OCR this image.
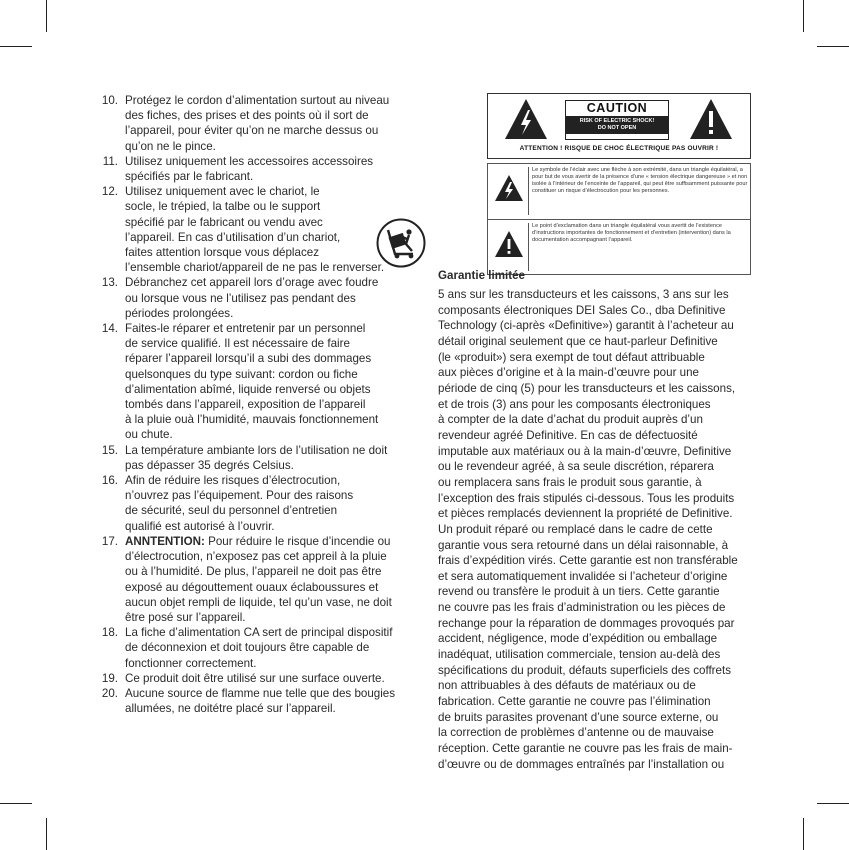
10. Protégez le cordon d’alimentation surtout au niveau
des fiches, des prises et des points où il sort de
l’appareil, pour éviter qu’on ne marche dessus ou
qu’on ne le pince.
11. Utilisez uniquement les accessoires accessoires
spécifiés par le fabricant.
12. Utilisez uniquement avec le chariot, le
socle, le trépied, la talbe ou le support
spécifié par le fabricant ou vendu avec
l’appareil. En cas d’utilisation d’un chariot,
faites attention lorsque vous déplacez
l’ensemble chariot/appareil de ne pas le renverser.
13. Débranchez cet appareil lors d’orage avec foudre
ou lorsque vous ne l’utilisez pas pendant des
périodes prolongées.
14. Faites-le réparer et entretenir par un personnel
de service qualifié. Il est nécessaire de faire
réparer l’appareil lorsqu’il a subi des dommages
quelsonques du type suivant: cordon ou fiche
d’alimentation abîmé, liquide renversé ou objets
tombés dans l’appareil, exposition de l’appareil
à la pluie ouà l’humidité, mauvais fonctionnement
ou chute.
15. La température ambiante lors de l’utilisation ne doit
pas dépasser 35 degrés Celsius.
16. Afin de réduire les risques d’électrocution,
n’ouvrez pas l’équipement. Pour des raisons
de sécurité, seul du personnel d’entretien
qualifié est autorisé à l’ouvrir.
17. ANNTENTION: Pour réduire le risque d’incendie ou
d’électrocution, n’exposez pas cet appreil à la pluie
ou à l’humidité. De plus, l’appareil ne doit pas être
exposé au dégouttement ouaux éclaboussures et
aucun objet rempli de liquide, tel qu’un vase, ne doit
être posé sur l’appareil.
18. La fiche d’alimentation CA sert de principal dispositif
de déconnexion et doit toujours être capable de
fonctionner correctement.
19. Ce produit doit être utilisé sur une surface ouverte.
20. Aucune source de flamme nue telle que des bougies
allumées, ne doitétre placé sur l’appareil.
CAUTION
RISK OF ELECTRIC SHOCK!
DO NOT OPEN
ATTENTION ! RISQUE DE CHOC ÉLECTRIQUE PAS OUVRIR !
Le symbole de l’éclair avec une flèche à son extrémité, dans un triangle équilatéral, a pour but de vous avertir de la présence d’une « tension électrique dangereuse » et non isolée à l’intérieur de l’enceinte de l’appareil, qui peut être suffisamment puissante pour constituer un risque d’électrocution pour les personnes.
Le point d’exclamation dans un triangle équilatéral vous avertit de l’existence d’instructions importantes de fonctionnement et d’entretien (intervention) dans la documentation accompagnant l’appareil.
Garantie limitée
5 ans sur les transducteurs et les caissons, 3 ans sur les
composants électroniques DEI Sales Co., dba Definitive
Technology (ci-après «Definitive») garantit à l’acheteur au
détail original seulement que ce haut-parleur Definitive
(le «produit») sera exempt de tout défaut attribuable
aux pièces d’origine et à la main-d’œuvre pour une
période de cinq (5) pour les transducteurs et les caissons,
et de trois (3) ans pour les composants électroniques
à compter de la date d’achat du produit auprès d’un
revendeur agréé Definitive. En cas de défectuosité
imputable aux matériaux ou à la main-d’œuvre, Definitive
ou le revendeur agréé, à sa seule discrétion, réparera
ou remplacera sans frais le produit sous garantie, à
l’exception des frais stipulés ci-dessous. Tous les produits
et pièces remplacés deviennent la propriété de Definitive.
Un produit réparé ou remplacé dans le cadre de cette
garantie vous sera retourné dans un délai raisonnable, à
frais d’expédition virés. Cette garantie est non transférable
et sera automatiquement invalidée si l’acheteur d’origine
revend ou transfère le produit à un tiers. Cette garantie
ne couvre pas les frais d’administration ou les pièces de
rechange pour la réparation de dommages provoqués par
accident, négligence, mode d’expédition ou emballage
inadéquat, utilisation commerciale, tension au-delà des
spécifications du produit, défauts superficiels des coffrets
non attribuables à des défauts de matériaux ou de
fabrication. Cette garantie ne couvre pas l’élimination
de bruits parasites provenant d’une source externe, ou
la correction de problèmes d’antenne ou de mauvaise
réception. Cette garantie ne couvre pas les frais de main-
d’œuvre ou de dommages entraînés par l’installation ou
